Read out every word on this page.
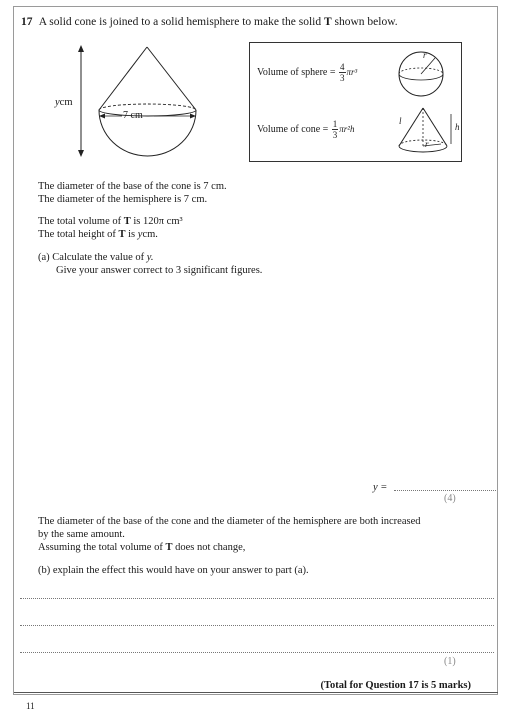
17 A solid cone is joined to a solid hemisphere to make the solid T shown below.
ycm
7 cm
Volume of sphere = $\frac{4}{3} \pi r^3$
Volume of cone = $\frac{1}{3} \pi r^2h$
r
l
r
h
The diameter of the base of the cone is 7 cm.
The diameter of the hemisphere is 7 cm.
The total volume of T is 120π cm³
The total height of T is ycm.
(a) Calculate the value of y.
Give your answer correct to 3 significant figures.
y =
(4)
The diameter of the base of the cone and the diameter of the hemisphere are both increased
by the same amount.
Assuming the total volume of T does not change,
(b) explain the effect this would have on your answer to part (a).
(1)
(Total for Question 17 is 5 marks)
11
